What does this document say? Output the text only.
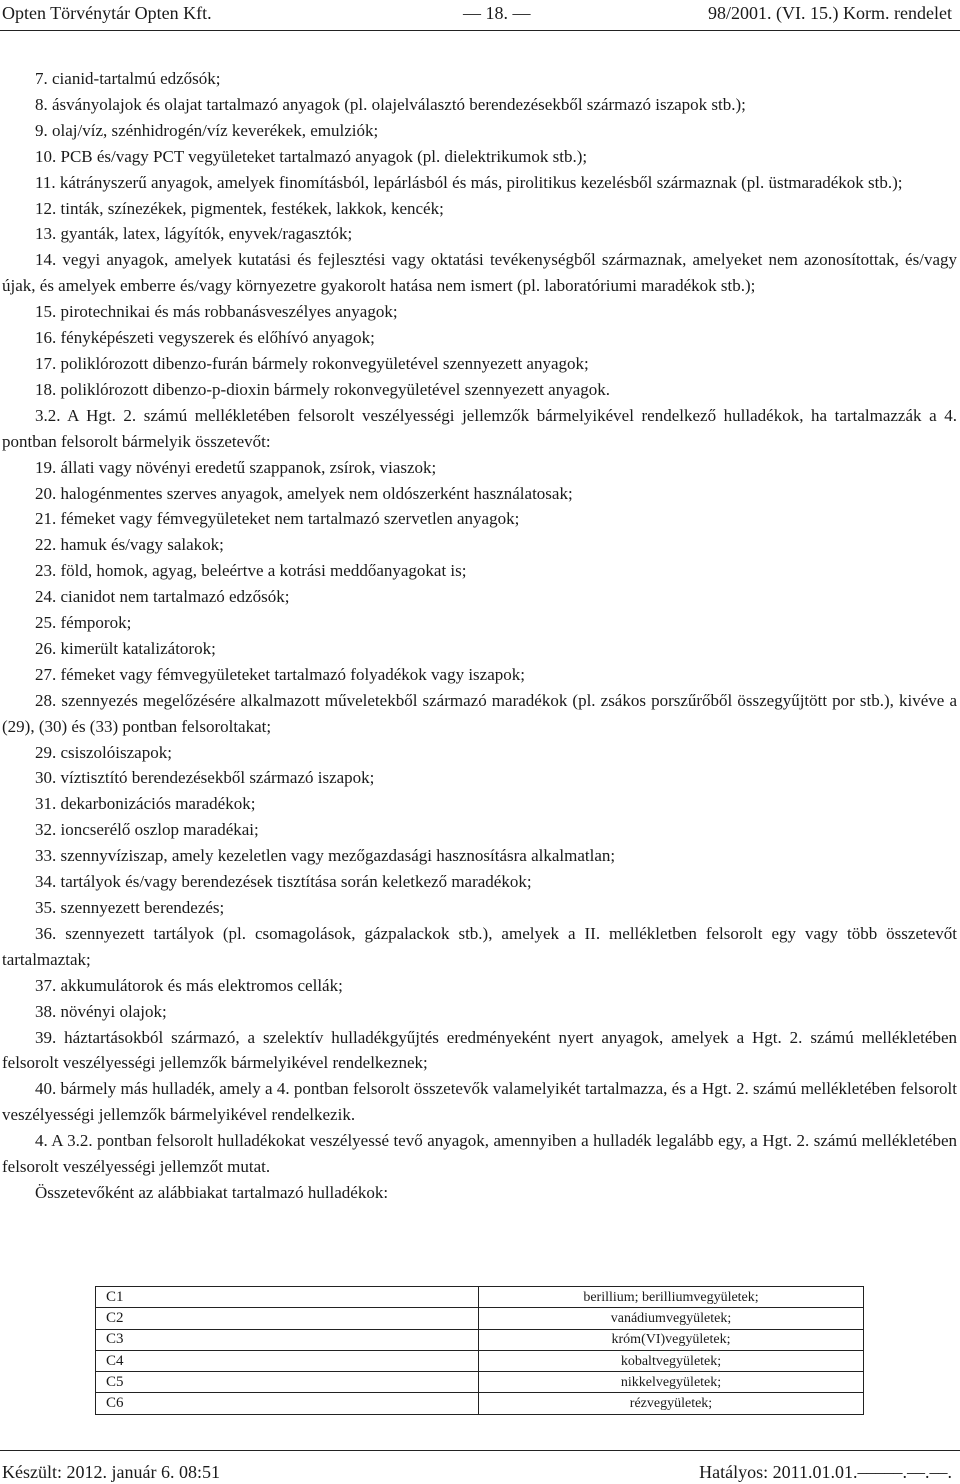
Opten Törvénytár Opten Kft.	— 18. —	98/2001. (VI. 15.) Korm. rendelet

7. cianid-tartalmú edzősók;

8. ásványolajok és olajat tartalmazó anyagok (pl. olajelválasztó berendezésekből származó iszapok stb.);

9. olaj/víz, szénhidrogén/víz keverékek, emulziók;

10. PCB és/vagy PCT vegyületeket tartalmazó anyagok (pl. dielektrikumok stb.);

11. kátrányszerű anyagok, amelyek finomításból, lepárlásból és más, pirolitikus kezelésből származnak (pl. üstmaradékok stb.);

12. tinták, színezékek, pigmentek, festékek, lakkok, kencék;

13. gyanták, latex, lágyítók, enyvek/ragasztók;

14. vegyi anyagok, amelyek kutatási és fejlesztési vagy oktatási tevékenységből származnak, amelyeket nem azonosítottak, és/vagy újak, és amelyek emberre és/vagy környezetre gyakorolt hatása nem ismert (pl. laboratóriumi maradékok stb.);

15. pirotechnikai és más robbanásveszélyes anyagok;

16. fényképészeti vegyszerek és előhívó anyagok;

17. poliklórozott dibenzo-furán bármely rokonvegyületével szennyezett anyagok;

18. poliklórozott dibenzo-p-dioxin bármely rokonvegyületével szennyezett anyagok.

3.2. A Hgt. 2. számú mellékletében felsorolt veszélyességi jellemzők bármelyikével rendelkező hulladékok, ha tartalmazzák a 4. pontban felsorolt bármelyik összetevőt:

19. állati vagy növényi eredetű szappanok, zsírok, viaszok;

20. halogénmentes szerves anyagok, amelyek nem oldószerként használatosak;

21. fémeket vagy fémvegyületeket nem tartalmazó szervetlen anyagok;

22. hamuk és/vagy salakok;

23. föld, homok, agyag, beleértve a kotrási meddőanyagokat is;

24. cianidot nem tartalmazó edzősók;

25. fémporok;

26. kimerült katalizátorok;

27. fémeket vagy fémvegyületeket tartalmazó folyadékok vagy iszapok;

28. szennyezés megelőzésére alkalmazott műveletekből származó maradékok (pl. zsákos porszűrőből összegyűjtött por stb.), kivéve a (29), (30) és (33) pontban felsoroltakat;

29. csiszolóiszapok;

30. víztisztító berendezésekből származó iszapok;

31. dekarbonizációs maradékok;

32. ioncserélő oszlop maradékai;

33. szennyvíziszap, amely kezeletlen vagy mezőgazdasági hasznosításra alkalmatlan;

34. tartályok és/vagy berendezések tisztítása során keletkező maradékok;

35. szennyezett berendezés;

36. szennyezett tartályok (pl. csomagolások, gázpalackok stb.), amelyek a II. mellékletben felsorolt egy vagy több összetevőt tartalmaztak;

37. akkumulátorok és más elektromos cellák;

38. növényi olajok;

39. háztartásokból származó, a szelektív hulladékgyűjtés eredményeként nyert anyagok, amelyek a Hgt. 2. számú mellékletében felsorolt veszélyességi jellemzők bármelyikével rendelkeznek;

40. bármely más hulladék, amely a 4. pontban felsorolt összetevők valamelyikét tartalmazza, és a Hgt. 2. számú mellékletében felsorolt veszélyességi jellemzők bármelyikével rendelkezik.

4. A 3.2. pontban felsorolt hulladékokat veszélyessé tevő anyagok, amennyiben a hulladék legalább egy, a Hgt. 2. számú mellékletében felsorolt veszélyességi jellemzőt mutat.

Összetevőként az alábbiakat tartalmazó hulladékok:

C1	berillium; berilliumvegyületek;
C2	vanádiumvegyületek;
C3	króm(VI)vegyületek;
C4	kobaltvegyületek;
C5	nikkelvegyületek;
C6	rézvegyületek;
Készült: 2012. január 6. 08:51	Hatályos: 2011.01.01.–––––.––.––.
